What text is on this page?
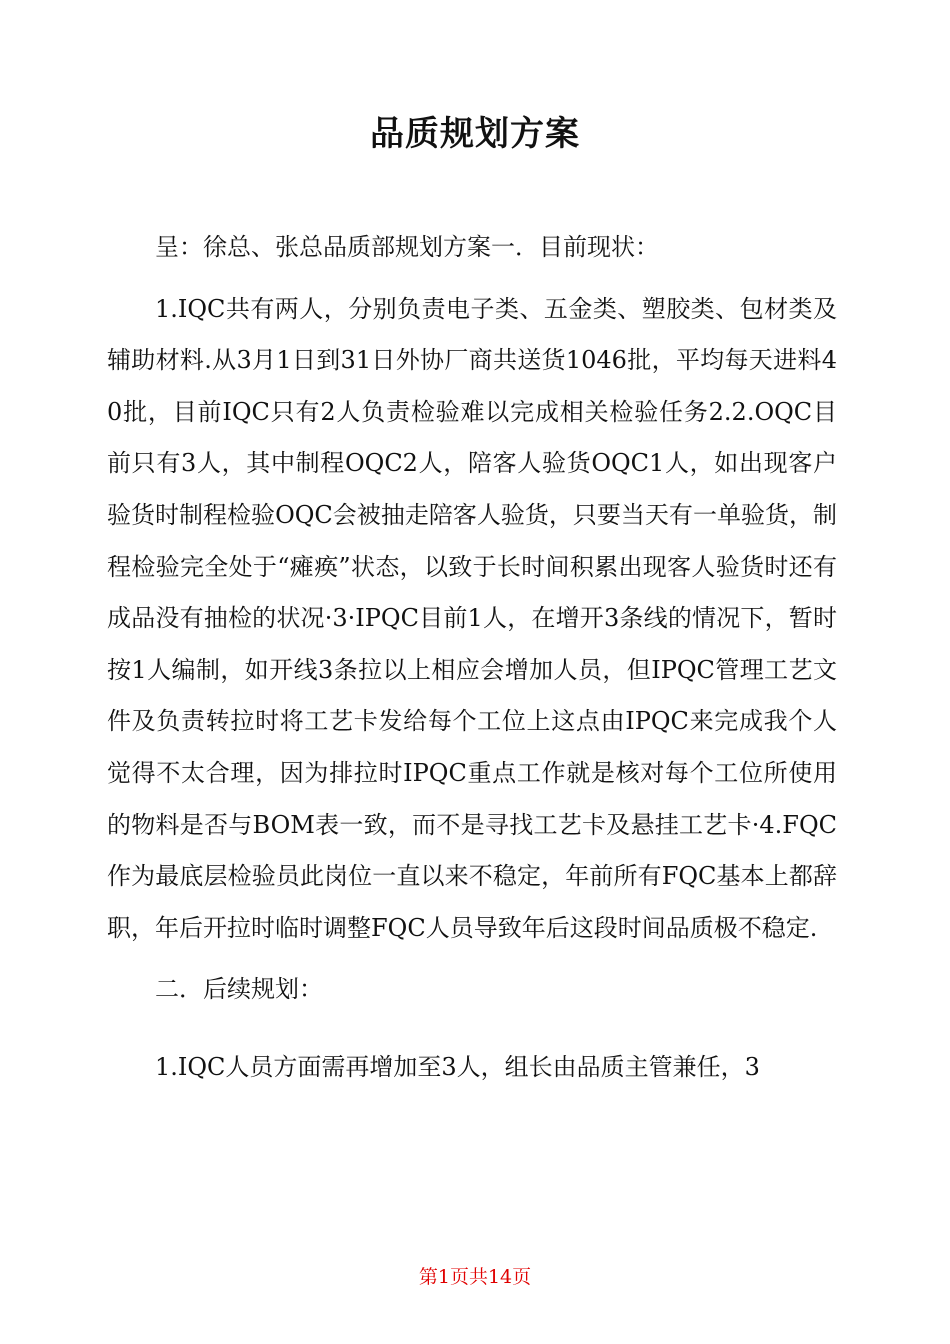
品质规划方案

呈：徐总、张总品质部规划方案一．目前现状：

1.IQC共有两人，分别负责电子类、五金类、塑胶类、包材类及辅助材料.从3月1日到31日外协厂商共送货1046批，平均每天进料40批，目前IQC只有2人负责检验难以完成相关检验任务2.2.OQC目前只有3人，其中制程OQC2人，陪客人验货OQC1人，如出现客户验货时制程检验OQC会被抽走陪客人验货，只要当天有一单验货，制程检验完全处于“瘫痪”状态，以致于长时间积累出现客人验货时还有成品没有抽检的状况·3·IPQC目前1人，在增开3条线的情况下，暂时按1人编制，如开线3条拉以上相应会增加人员，但IPQC管理工艺文件及负责转拉时将工艺卡发给每个工位上这点由IPQC来完成我个人觉得不太合理，因为排拉时IPQC重点工作就是核对每个工位所使用的物料是否与BOM表一致，而不是寻找工艺卡及悬挂工艺卡·4.FQC作为最底层检验员此岗位一直以来不稳定，年前所有FQC基本上都辞职，年后开拉时临时调整FQC人员导致年后这段时间品质极不稳定.

二．后续规划：

1.IQC人员方面需再增加至3人，组长由品质主管兼任，3

第1页共14页
